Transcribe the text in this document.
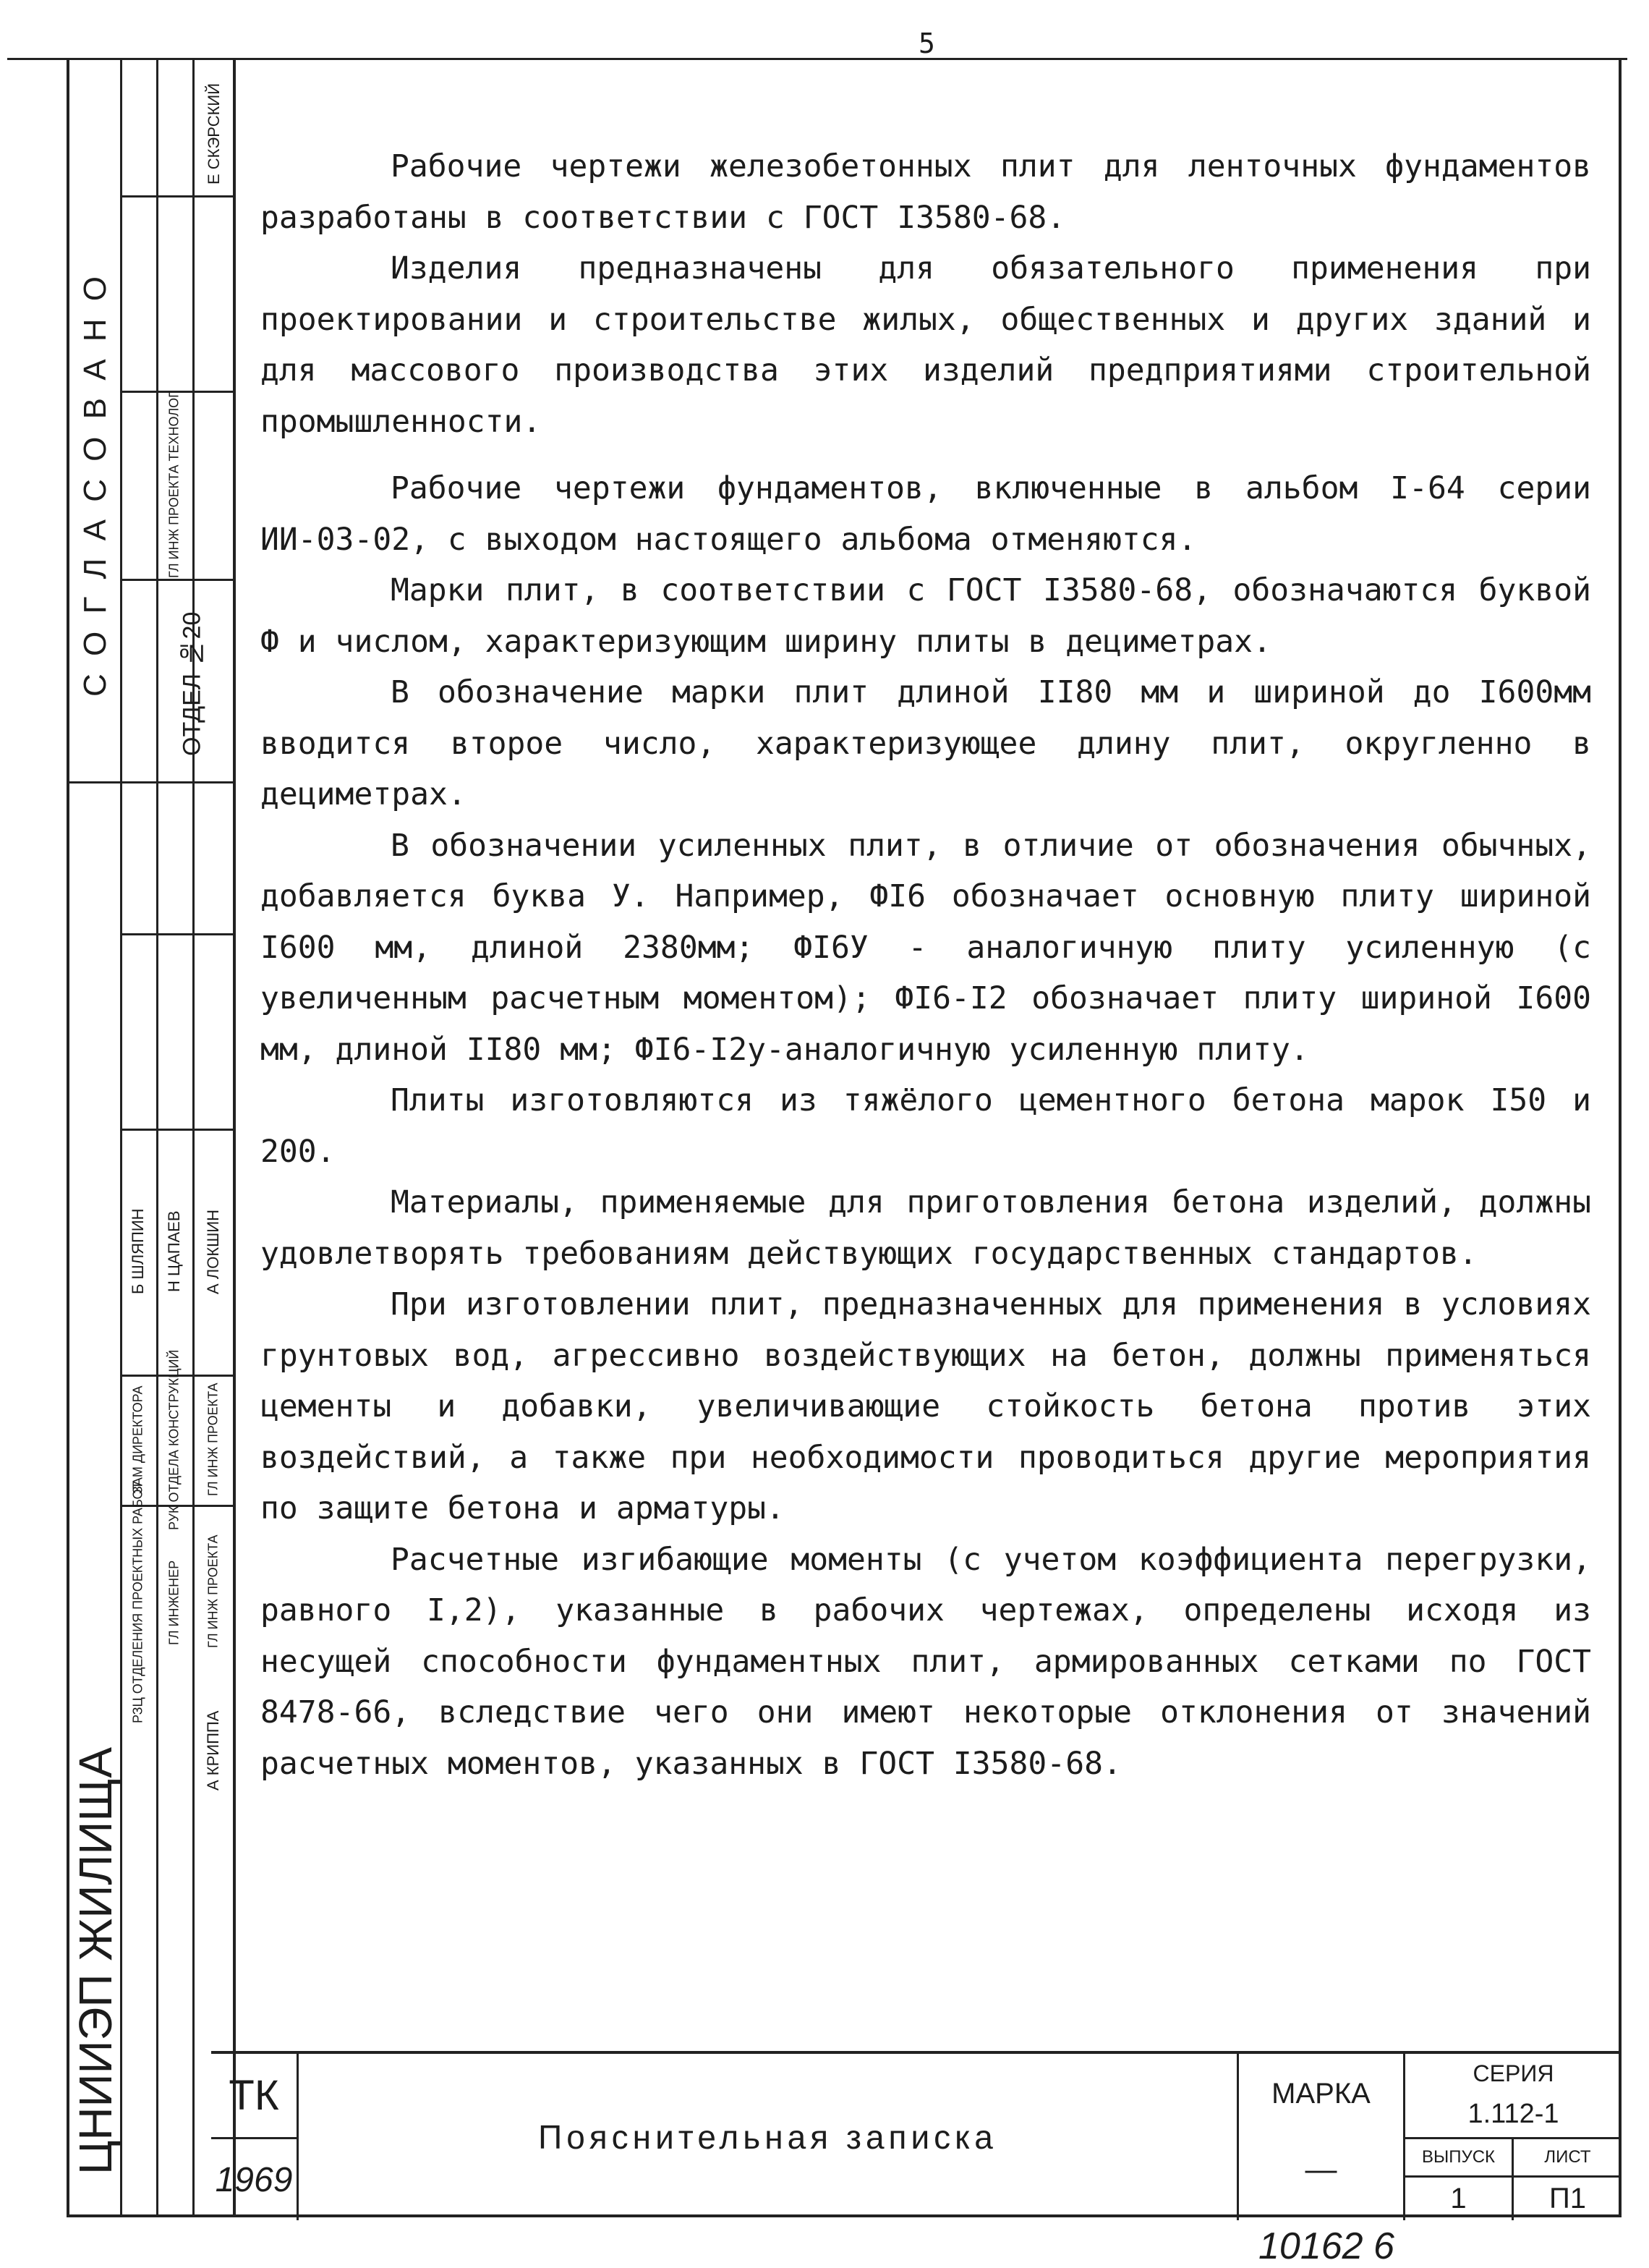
5
С О Г Л А С О В А Н О
Е СКЭРСКИЙ
ГЛ ИНЖ ПРОЕКТА ТЕХНОЛОГ
ОТДЕЛ №20
ЦНИИЭП ЖИЛИЩА
ЗАМ ДИРЕКТОРА
РЗЦ ОТДЕЛЕНИЯ ПРОЕКТНЫХ РАБОТ
РУК ОТДЕЛА КОНСТРУКЦИЙ
ГЛ ИНЖЕНЕР
ГЛ ИНЖ ПРОЕКТА
ГЛ ИНЖ ПРОЕКТА
Б ШЛЯПИН	Н ЦАПАЕВ	А ЛОКШИН
А КРИППА

Рабочие чертежи железобетонных плит для ленточных фундаментов разработаны в соответствии с ГОСТ I3580-68.

Изделия предназначены для обязательного применения при проектировании и строительстве жилых, общественных и других зданий и для массового производства этих изделий предприятиями строительной промышленности.

Рабочие чертежи фундаментов, включенные в альбом I-64 серии ИИ-03-02, с выходом настоящего альбома отменяются.

Марки плит, в соответствии с ГОСТ I3580-68, обозначаются буквой Ф и числом, характеризующим ширину плиты в дециметрах.

В обозначение марки плит длиной II80 мм и шириной до I600мм вводится второе число, характеризующее длину плит, округленно в дециметрах.

В обозначении усиленных плит, в отличие от обозначения обычных, добавляется буква У. Например, ФI6 обозначает основную плиту шириной I600 мм, длиной 2380мм; ФI6У - аналогичную плиту усиленную (с увеличенным расчетным моментом); ФI6-I2 обозначает плиту шириной I600 мм, длиной II80 мм; ФI6-I2у-аналогичную усиленную плиту.

Плиты изготовляются из тяжёлого цементного бетона марок I50 и 200.

Материалы, применяемые для приготовления бетона изделий, должны удовлетворять требованиям действующих государственных стандартов.

При изготовлении плит, предназначенных для применения в условиях грунтовых вод, агрессивно воздействующих на бетон, должны применяться цементы и добавки, увеличивающие стойкость бетона против этих воздействий, а также при необходимости проводиться другие мероприятия по защите бетона и арматуры.

Расчетные изгибающие моменты (с учетом коэффициента перегрузки, равного I,2), указанные в рабочих чертежах, определены исходя из несущей способности фундаментных плит, армированных сетками по ГОСТ 8478-66, вследствие чего они имеют некоторые отклонения от значений расчетных моментов, указанных в ГОСТ I3580-68.

ТК
1969
Пояснительная записка
МАРКА
—
СЕРИЯ
1.112-1
ВЫПУСК	ЛИСТ
1	П1
10162 6
